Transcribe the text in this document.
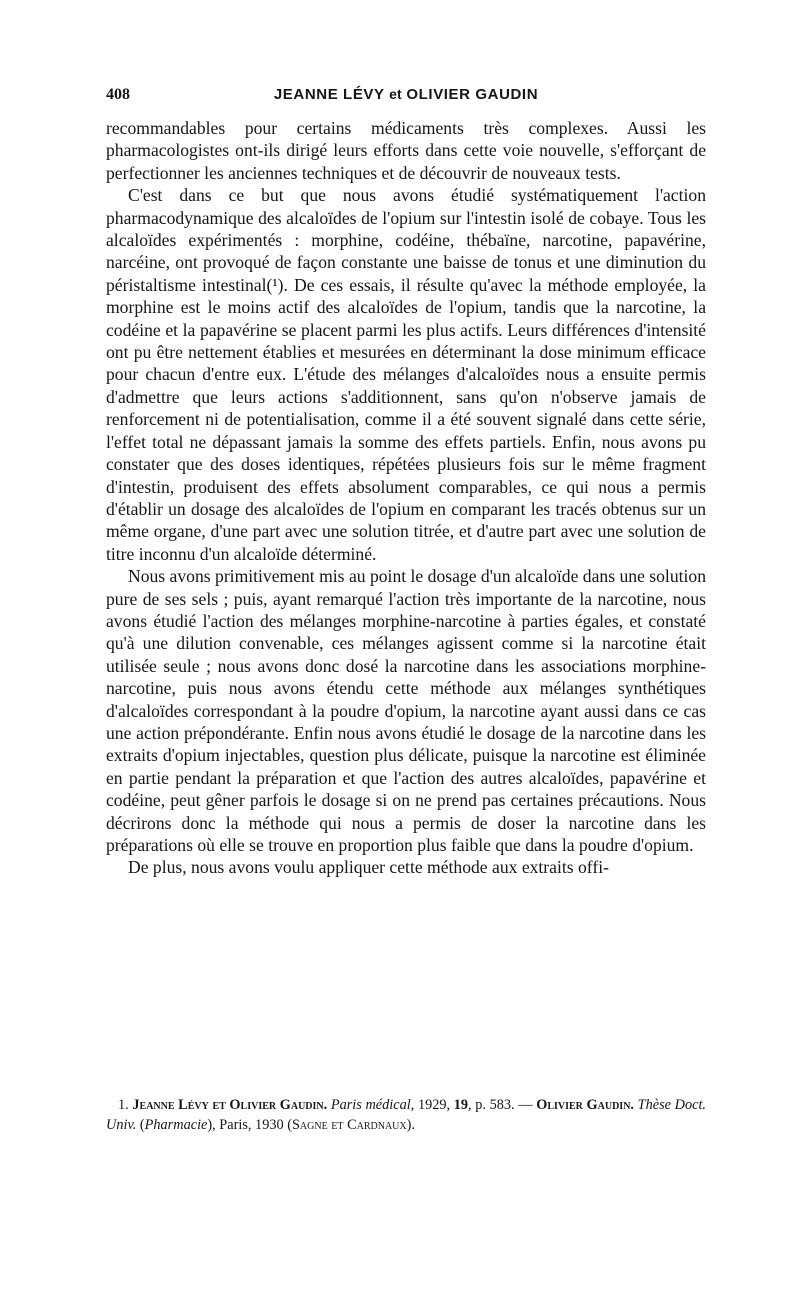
408	JEANNE LÉVY et OLIVIER GAUDIN

recommandables pour certains médicaments très complexes. Aussi les pharmacologistes ont-ils dirigé leurs efforts dans cette voie nouvelle, s'efforçant de perfectionner les anciennes techniques et de découvrir de nouveaux tests.

C'est dans ce but que nous avons étudié systématiquement l'action pharmacodynamique des alcaloïdes de l'opium sur l'intestin isolé de cobaye. Tous les alcaloïdes expérimentés : morphine, codéine, thébaïne, narcotine, papavérine, narcéine, ont provoqué de façon constante une baisse de tonus et une diminution du péristaltisme intestinal(¹). De ces essais, il résulte qu'avec la méthode employée, la morphine est le moins actif des alcaloïdes de l'opium, tandis que la narcotine, la codéine et la papavérine se placent parmi les plus actifs. Leurs différences d'intensité ont pu être nettement établies et mesurées en déterminant la dose minimum efficace pour chacun d'entre eux. L'étude des mélanges d'alcaloïdes nous a ensuite permis d'admettre que leurs actions s'additionnent, sans qu'on n'observe jamais de renforcement ni de potentialisation, comme il a été souvent signalé dans cette série, l'effet total ne dépassant jamais la somme des effets partiels. Enfin, nous avons pu constater que des doses identiques, répétées plusieurs fois sur le même fragment d'intestin, produisent des effets absolument comparables, ce qui nous a permis d'établir un dosage des alcaloïdes de l'opium en comparant les tracés obtenus sur un même organe, d'une part avec une solution titrée, et d'autre part avec une solution de titre inconnu d'un alcaloïde déterminé.

Nous avons primitivement mis au point le dosage d'un alcaloïde dans une solution pure de ses sels ; puis, ayant remarqué l'action très importante de la narcotine, nous avons étudié l'action des mélanges morphine-narcotine à parties égales, et constaté qu'à une dilution convenable, ces mélanges agissent comme si la narcotine était utilisée seule ; nous avons donc dosé la narcotine dans les associations morphine-narcotine, puis nous avons étendu cette méthode aux mélanges synthétiques d'alcaloïdes correspondant à la poudre d'opium, la narcotine ayant aussi dans ce cas une action prépondérante. Enfin nous avons étudié le dosage de la narcotine dans les extraits d'opium injectables, question plus délicate, puisque la narcotine est éliminée en partie pendant la préparation et que l'action des autres alcaloïdes, papavérine et codéine, peut gêner parfois le dosage si on ne prend pas certaines précautions. Nous décrirons donc la méthode qui nous a permis de doser la narcotine dans les préparations où elle se trouve en proportion plus faible que dans la poudre d'opium.

De plus, nous avons voulu appliquer cette méthode aux extraits offi-

1. Jeanne Lévy et Olivier Gaudin. Paris médical, 1929, 19, p. 583. — Olivier Gaudin. Thèse Doct. Univ. (Pharmacie), Paris, 1930 (Sagne et Cardnaux).
